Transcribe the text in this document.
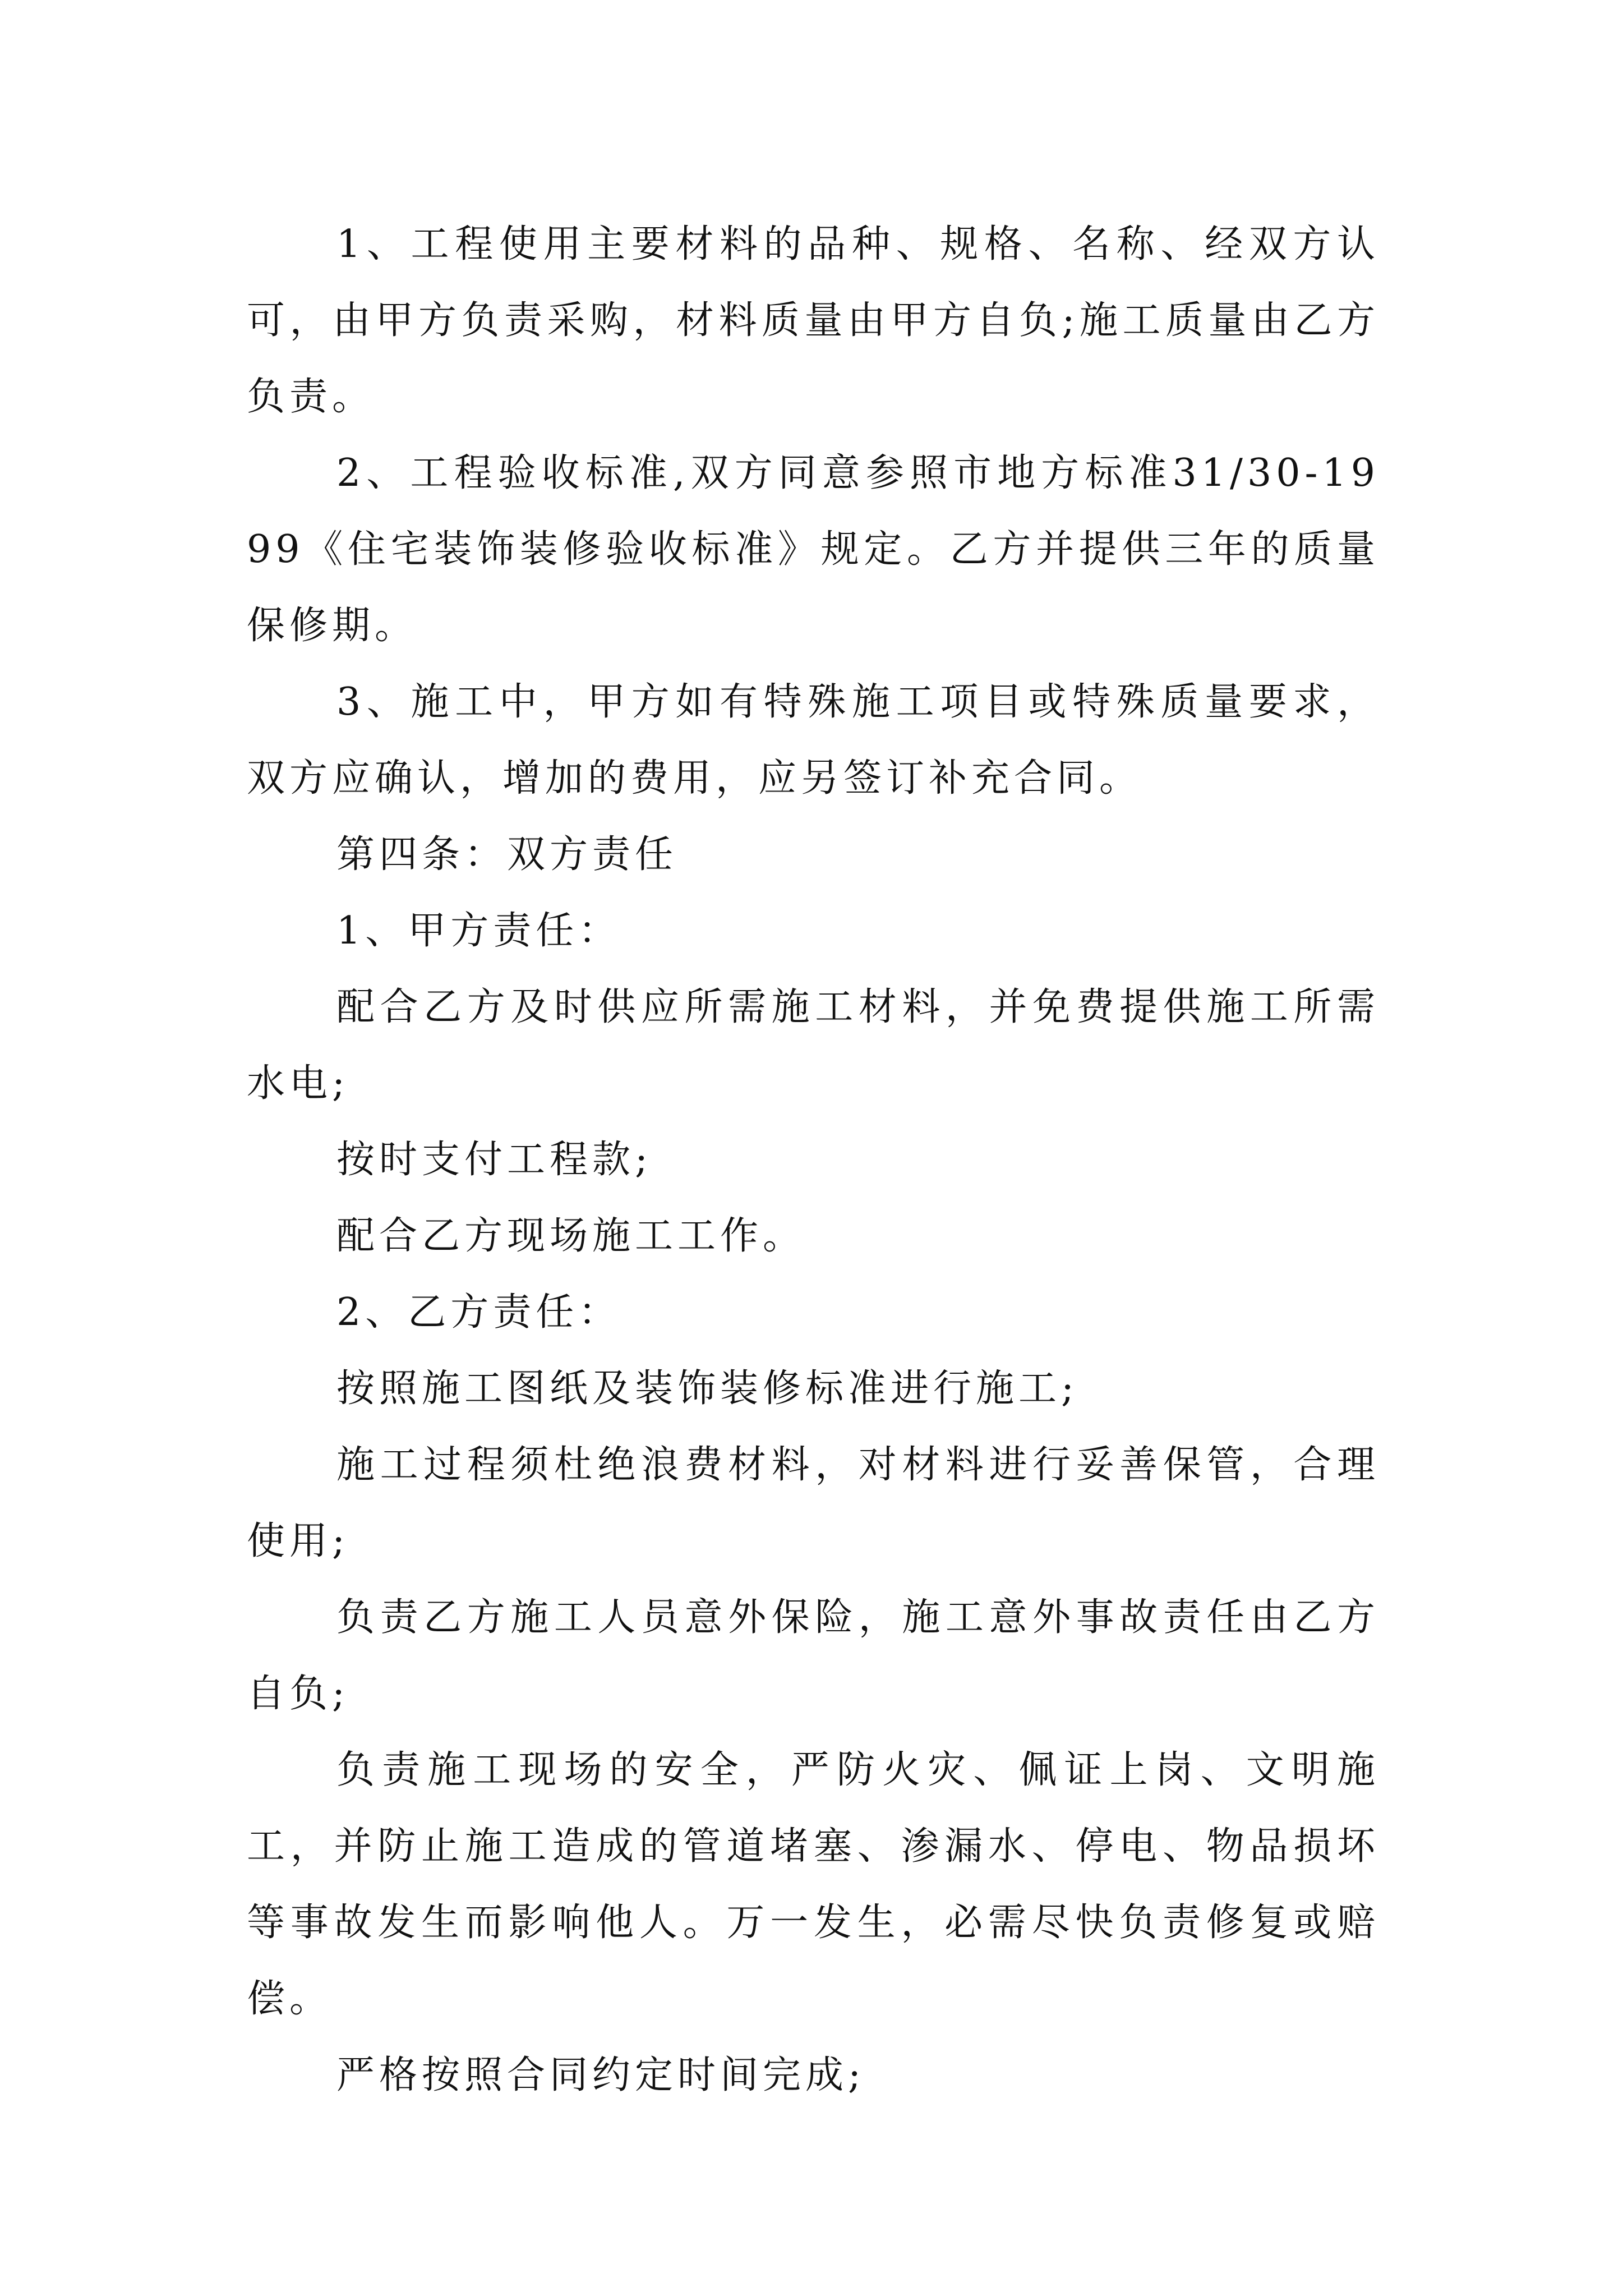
1、工程使用主要材料的品种、规格、名称、经双方认可，由甲方负责采购，材料质量由甲方自负;施工质量由乙方负责。

2、工程验收标准,双方同意参照市地方标准31/30-1999《住宅装饰装修验收标准》规定。乙方并提供三年的质量保修期。

3、施工中，甲方如有特殊施工项目或特殊质量要求，双方应确认，增加的费用，应另签订补充合同。

第四条：双方责任

1、甲方责任：

配合乙方及时供应所需施工材料，并免费提供施工所需水电;

按时支付工程款;

配合乙方现场施工工作。

2、乙方责任：

按照施工图纸及装饰装修标准进行施工;

施工过程须杜绝浪费材料，对材料进行妥善保管，合理使用;

负责乙方施工人员意外保险，施工意外事故责任由乙方自负;

负责施工现场的安全，严防火灾、佩证上岗、文明施工，并防止施工造成的管道堵塞、渗漏水、停电、物品损坏等事故发生而影响他人。万一发生，必需尽快负责修复或赔偿。

严格按照合同约定时间完成;
